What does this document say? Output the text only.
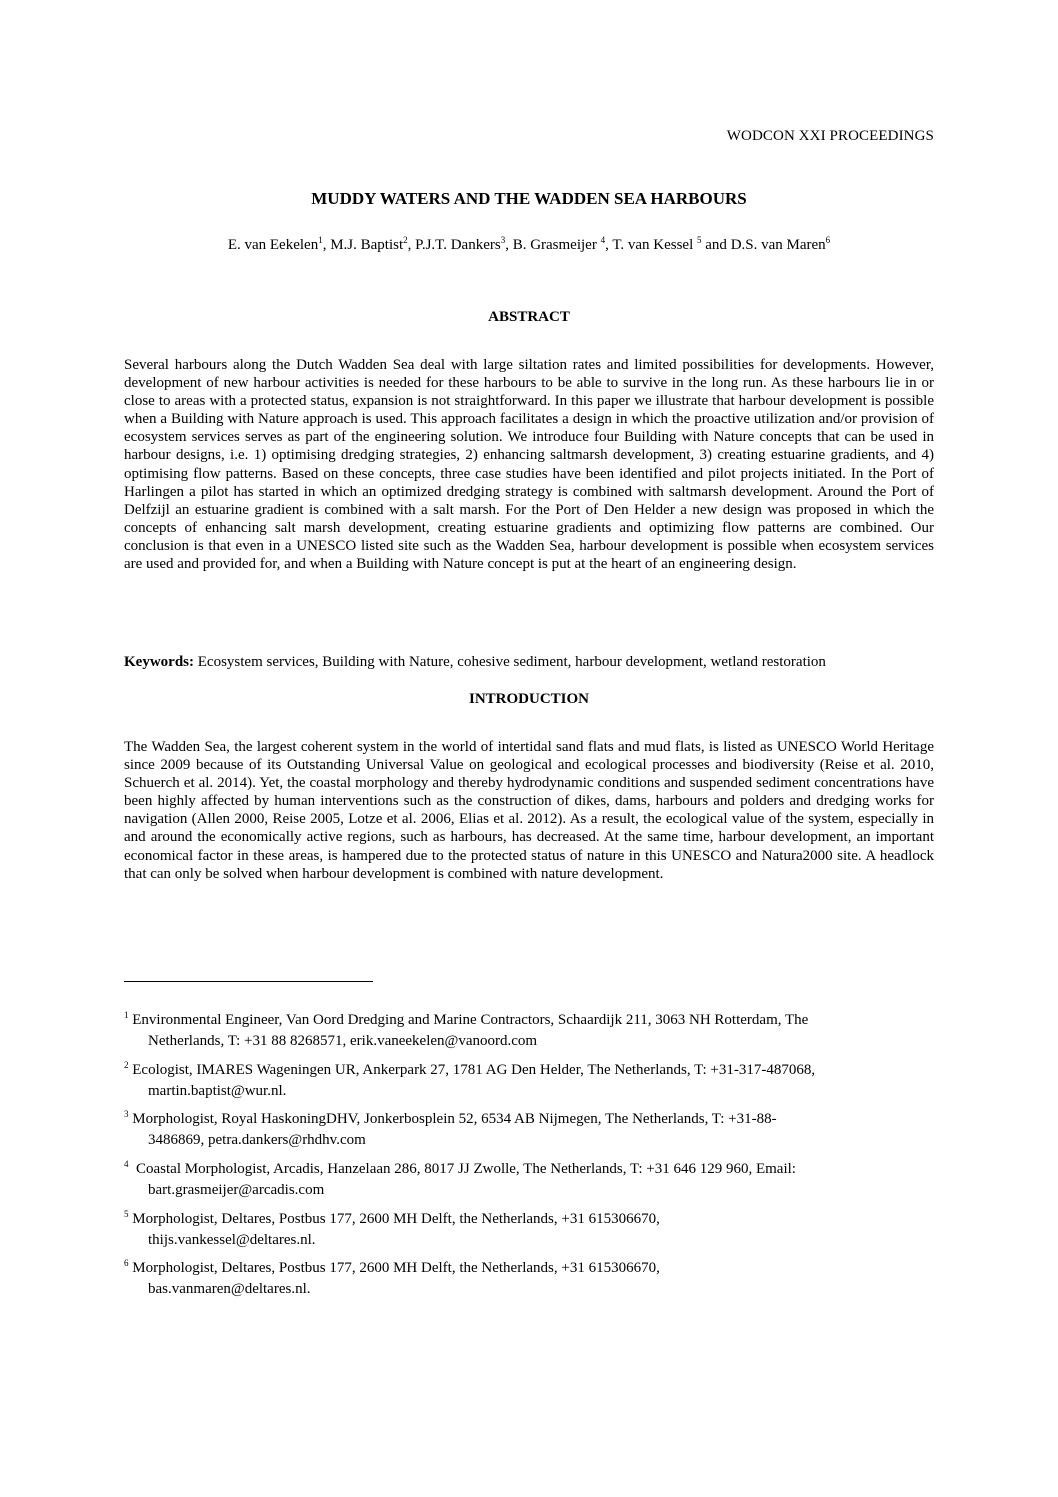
WODCON XXI PROCEEDINGS
MUDDY WATERS AND THE WADDEN SEA HARBOURS
E. van Eekelen$^1$, M.J. Baptist$^2$, P.J.T. Dankers$^3$, B. Grasmeijer $^4$, T. van Kessel $^5$ and D.S. van Maren$^6$
ABSTRACT
Several harbours along the Dutch Wadden Sea deal with large siltation rates and limited possibilities for developments. However, development of new harbour activities is needed for these harbours to be able to survive in the long run. As these harbours lie in or close to areas with a protected status, expansion is not straightforward. In this paper we illustrate that harbour development is possible when a Building with Nature approach is used. This approach facilitates a design in which the proactive utilization and/or provision of ecosystem services serves as part of the engineering solution. We introduce four Building with Nature concepts that can be used in harbour designs, i.e. 1) optimising dredging strategies, 2) enhancing saltmarsh development, 3) creating estuarine gradients, and 4) optimising flow patterns. Based on these concepts, three case studies have been identified and pilot projects initiated. In the Port of Harlingen a pilot has started in which an optimized dredging strategy is combined with saltmarsh development. Around the Port of Delfzijl an estuarine gradient is combined with a salt marsh. For the Port of Den Helder a new design was proposed in which the concepts of enhancing salt marsh development, creating estuarine gradients and optimizing flow patterns are combined. Our conclusion is that even in a UNESCO listed site such as the Wadden Sea, harbour development is possible when ecosystem services are used and provided for, and when a Building with Nature concept is put at the heart of an engineering design.
Keywords: Ecosystem services, Building with Nature, cohesive sediment, harbour development, wetland restoration
INTRODUCTION
The Wadden Sea, the largest coherent system in the world of intertidal sand flats and mud flats, is listed as UNESCO World Heritage since 2009 because of its Outstanding Universal Value on geological and ecological processes and biodiversity (Reise et al. 2010, Schuerch et al. 2014). Yet, the coastal morphology and thereby hydrodynamic conditions and suspended sediment concentrations have been highly affected by human interventions such as the construction of dikes, dams, harbours and polders and dredging works for navigation (Allen 2000, Reise 2005, Lotze et al. 2006, Elias et al. 2012). As a result, the ecological value of the system, especially in and around the economically active regions, such as harbours, has decreased. At the same time, harbour development, an important economical factor in these areas, is hampered due to the protected status of nature in this UNESCO and Natura2000 site. A headlock that can only be solved when harbour development is combined with nature development.
$^1$ Environmental Engineer, Van Oord Dredging and Marine Contractors, Schaardijk 211, 3063 NH Rotterdam, The
Netherlands, T: +31 88 8268571, erik.vaneekelen@vanoord.com
$^2$ Ecologist, IMARES Wageningen UR, Ankerpark 27, 1781 AG Den Helder, The Netherlands, T: +31-317-487068,
martin.baptist@wur.nl.
$^3$ Morphologist, Royal HaskoningDHV, Jonkerbosplein 52, 6534 AB Nijmegen, The Netherlands, T: +31-88-
3486869, petra.dankers@rhdhv.com
$^4$  Coastal Morphologist, Arcadis, Hanzelaan 286, 8017 JJ Zwolle, The Netherlands, T: +31 646 129 960, Email:
bart.grasmeijer@arcadis.com
$^5$ Morphologist, Deltares, Postbus 177, 2600 MH Delft, the Netherlands, +31 615306670,
thijs.vankessel@deltares.nl.
$^6$ Morphologist, Deltares, Postbus 177, 2600 MH Delft, the Netherlands, +31 615306670,
bas.vanmaren@deltares.nl.
